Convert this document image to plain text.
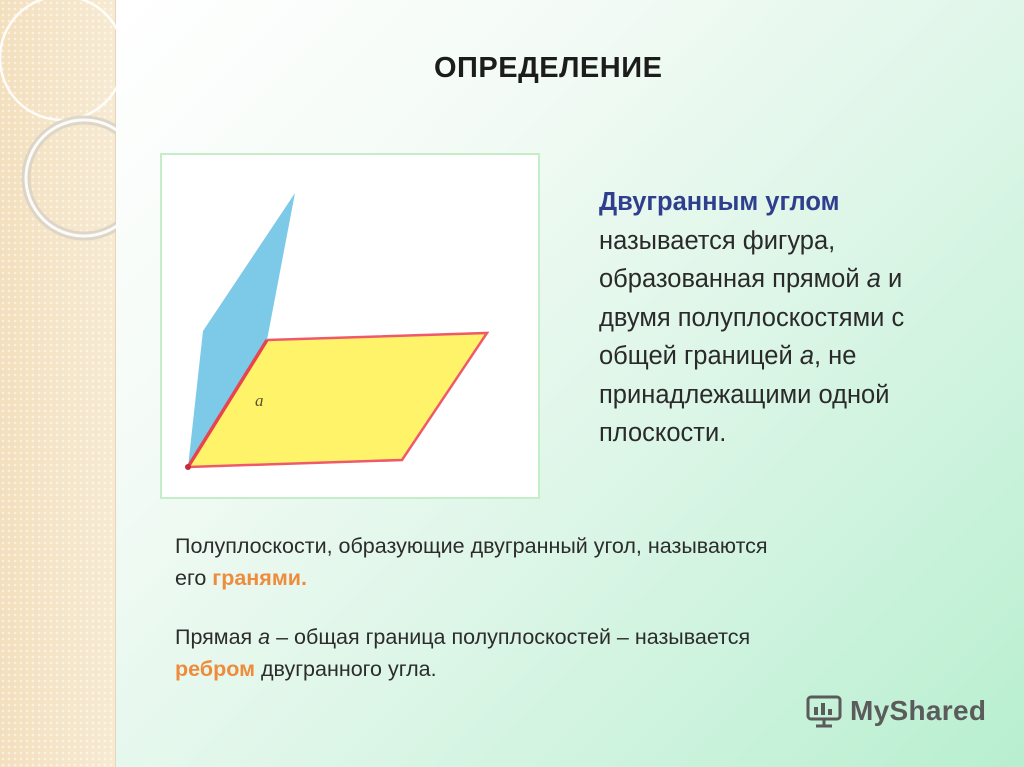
ОПРЕДЕЛЕНИЕ
a
Двугранным углом
называется фигура,
образованная прямой a и
двумя полуплоскостями с
общей границей a, не
принадлежащими одной
плоскости.
Полуплоскости, образующие двугранный угол, называются
его гранями.
Прямая a – общая граница полуплоскостей – называется
ребром двугранного угла.
MyShared
